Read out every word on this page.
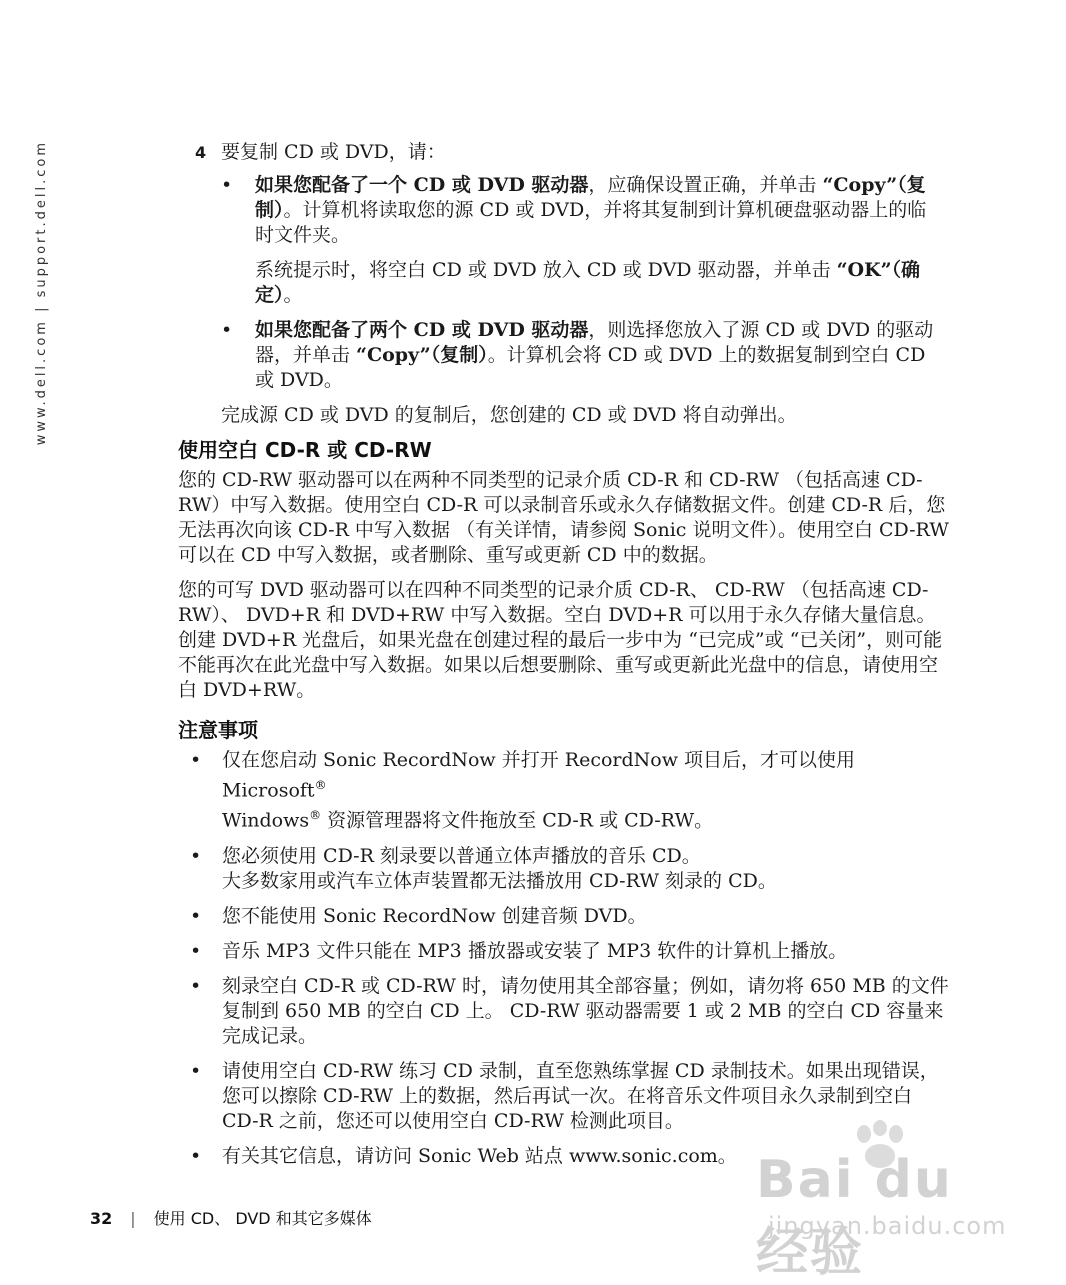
www.dell.com | support.dell.com	4 要复制 CD 或 DVD，请：
• 如果您配备了一个 CD 或 DVD 驱动器，应确保设置正确，并单击 “Copy”（复制）。计算机将读取您的源 CD 或 DVD，并将其复制到计算机硬盘驱动器上的临时文件夹。
系统提示时，将空白 CD 或 DVD 放入 CD 或 DVD 驱动器，并单击 “OK”（确定）。
• 如果您配备了两个 CD 或 DVD 驱动器，则选择您放入了源 CD 或 DVD 的驱动器，并单击 “Copy”（复制）。计算机会将 CD 或 DVD 上的数据复制到空白 CD 或 DVD。
完成源 CD 或 DVD 的复制后，您创建的 CD 或 DVD 将自动弹出。
使用空白 CD-R 或 CD-RW

您的 CD-RW 驱动器可以在两种不同类型的记录介质 CD-R 和 CD-RW （包括高速 CD-RW）中写入数据。使用空白 CD-R 可以录制音乐或永久存储数据文件。创建 CD-R 后，您无法再次向该 CD-R 中写入数据 （有关详情，请参阅 Sonic 说明文件）。使用空白 CD-RW 可以在 CD 中写入数据，或者删除、重写或更新 CD 中的数据。

您的可写 DVD 驱动器可以在四种不同类型的记录介质 CD-R、 CD-RW （包括高速 CD-RW）、 DVD+R 和 DVD+RW 中写入数据。空白 DVD+R 可以用于永久存储大量信息。创建 DVD+R 光盘后，如果光盘在创建过程的最后一步中为 “已完成”或 “已关闭”，则可能不能再次在此光盘中写入数据。如果以后想要删除、重写或更新此光盘中的信息，请使用空白 DVD+RW。

注意事项
• 仅在您启动 Sonic RecordNow 并打开 RecordNow 项目后，才可以使用 Microsoft®
Windows® 资源管理器将文件拖放至 CD-R 或 CD-RW。
• 您必须使用 CD-R 刻录要以普通立体声播放的音乐 CD。
大多数家用或汽车立体声装置都无法播放用 CD-RW 刻录的 CD。
• 您不能使用 Sonic RecordNow 创建音频 DVD。
• 音乐 MP3 文件只能在 MP3 播放器或安装了 MP3 软件的计算机上播放。
• 刻录空白 CD-R 或 CD-RW 时，请勿使用其全部容量；例如，请勿将 650 MB 的文件复制到 650 MB 的空白 CD 上。 CD-RW 驱动器需要 1 或 2 MB 的空白 CD 容量来完成记录。
• 请使用空白 CD-RW 练习 CD 录制，直至您熟练掌握 CD 录制技术。如果出现错误，您可以擦除 CD-RW 上的数据，然后再试一次。在将音乐文件项目永久录制到空白 CD-R 之前，您还可以使用空白 CD-RW 检测此项目。
• 有关其它信息，请访问 Sonic Web 站点 www.sonic.com。
32 | 使用 CD、 DVD 和其它多媒体
Bai du 经验
jingyan.baidu.com
